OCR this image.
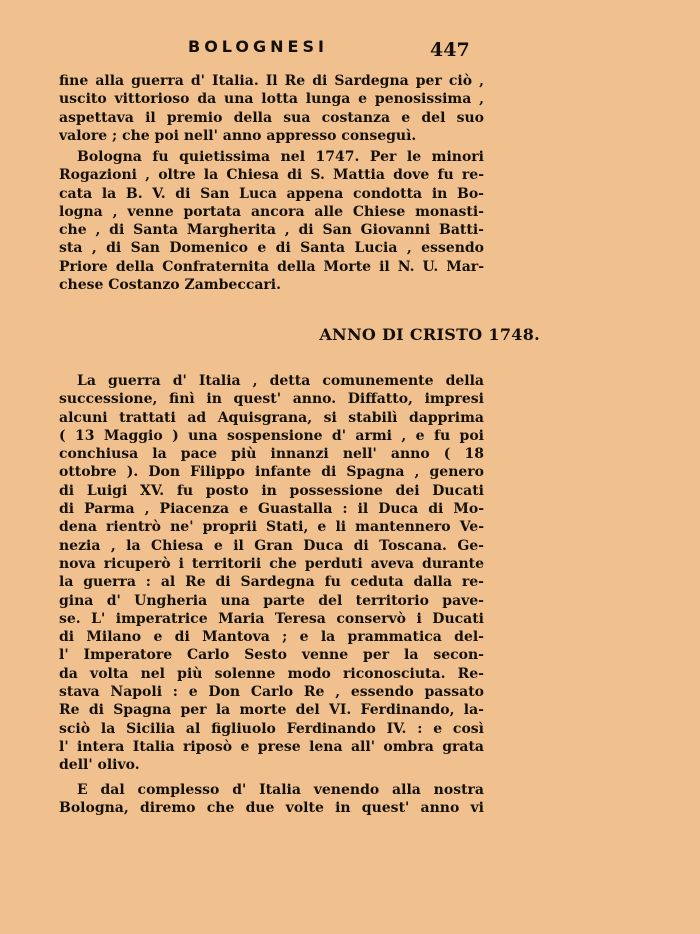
BOLOGNESI	447
fine alla guerra d' Italia. Il Re di Sardegna per ciò ,
uscito vittorioso da una lotta lunga e penosissima ,
aspettava il premio della sua costanza e del suo
valore ; che poi nell' anno appresso conseguì.
Bologna fu quietissima nel 1747. Per le minori
Rogazioni , oltre la Chiesa di S. Mattia dove fu re-
cata la B. V. di San Luca appena condotta in Bo-
logna , venne portata ancora alle Chiese monasti-
che , di Santa Margherita , di San Giovanni Batti-
sta , di San Domenico e di Santa Lucia , essendo
Priore della Confraternita della Morte il N. U. Mar-
chese Costanzo Zambeccari.
ANNO DI CRISTO 1748.
La guerra d' Italia , detta comunemente della
successione, finì in quest' anno. Diffatto, impresi
alcuni trattati ad Aquisgrana, si stabilì dapprima
( 13 Maggio ) una sospensione d' armi , e fu poi
conchiusa la pace più innanzi nell' anno ( 18
ottobre ). Don Filippo infante di Spagna , genero
di Luigi XV. fu posto in possessione dei Ducati
di Parma , Piacenza e Guastalla : il Duca di Mo-
dena rientrò ne' proprii Stati, e li mantennero Ve-
nezia , la Chiesa e il Gran Duca di Toscana. Ge-
nova ricuperò i territorii che perduti aveva durante
la guerra : al Re di Sardegna fu ceduta dalla re-
gina d' Ungheria una parte del territorio pave-
se. L' imperatrice Maria Teresa conservò i Ducati
di Milano e di Mantova ; e la prammatica del-
l' Imperatore Carlo Sesto venne per la secon-
da volta nel più solenne modo riconosciuta. Re-
stava Napoli : e Don Carlo Re , essendo passato
Re di Spagna per la morte del VI. Ferdinando, la-
sciò la Sicilia al figliuolo Ferdinando IV. : e così
l' intera Italia riposò e prese lena all' ombra grata
dell' olivo.
E dal complesso d' Italia venendo alla nostra
Bologna, diremo che due volte in quest' anno vi
